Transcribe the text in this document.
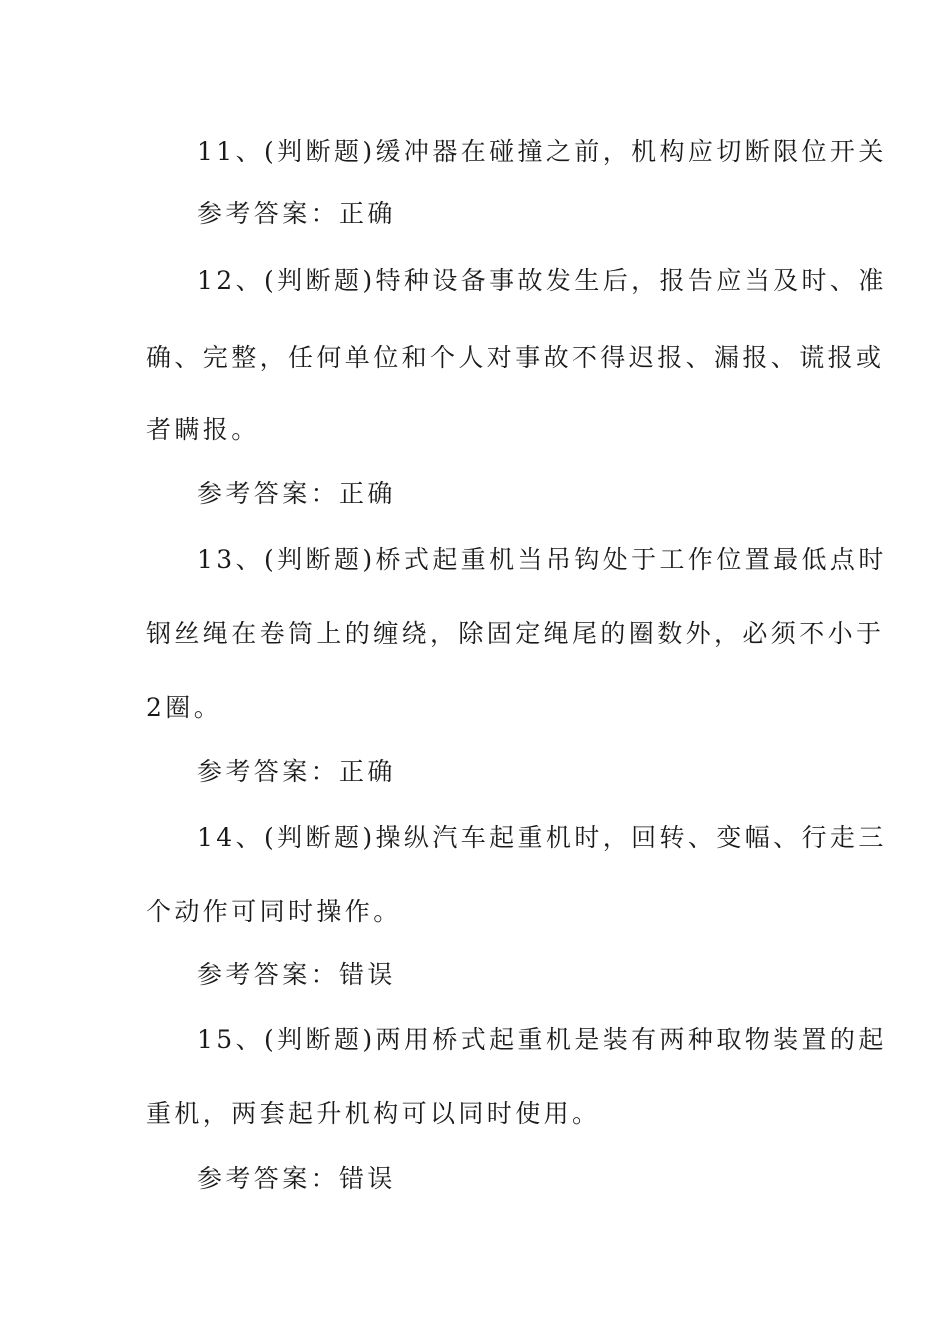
11、(判断题)缓冲器在碰撞之前，机构应切断限位开关
参考答案：正确
12、(判断题)特种设备事故发生后，报告应当及时、准
确、完整，任何单位和个人对事故不得迟报、漏报、谎报或
者瞒报。
参考答案：正确
13、(判断题)桥式起重机当吊钩处于工作位置最低点时
钢丝绳在卷筒上的缠绕，除固定绳尾的圈数外，必须不小于
2圈。
参考答案：正确
14、(判断题)操纵汽车起重机时，回转、变幅、行走三
个动作可同时操作。
参考答案：错误
15、(判断题)两用桥式起重机是装有两种取物装置的起
重机，两套起升机构可以同时使用。
参考答案：错误
